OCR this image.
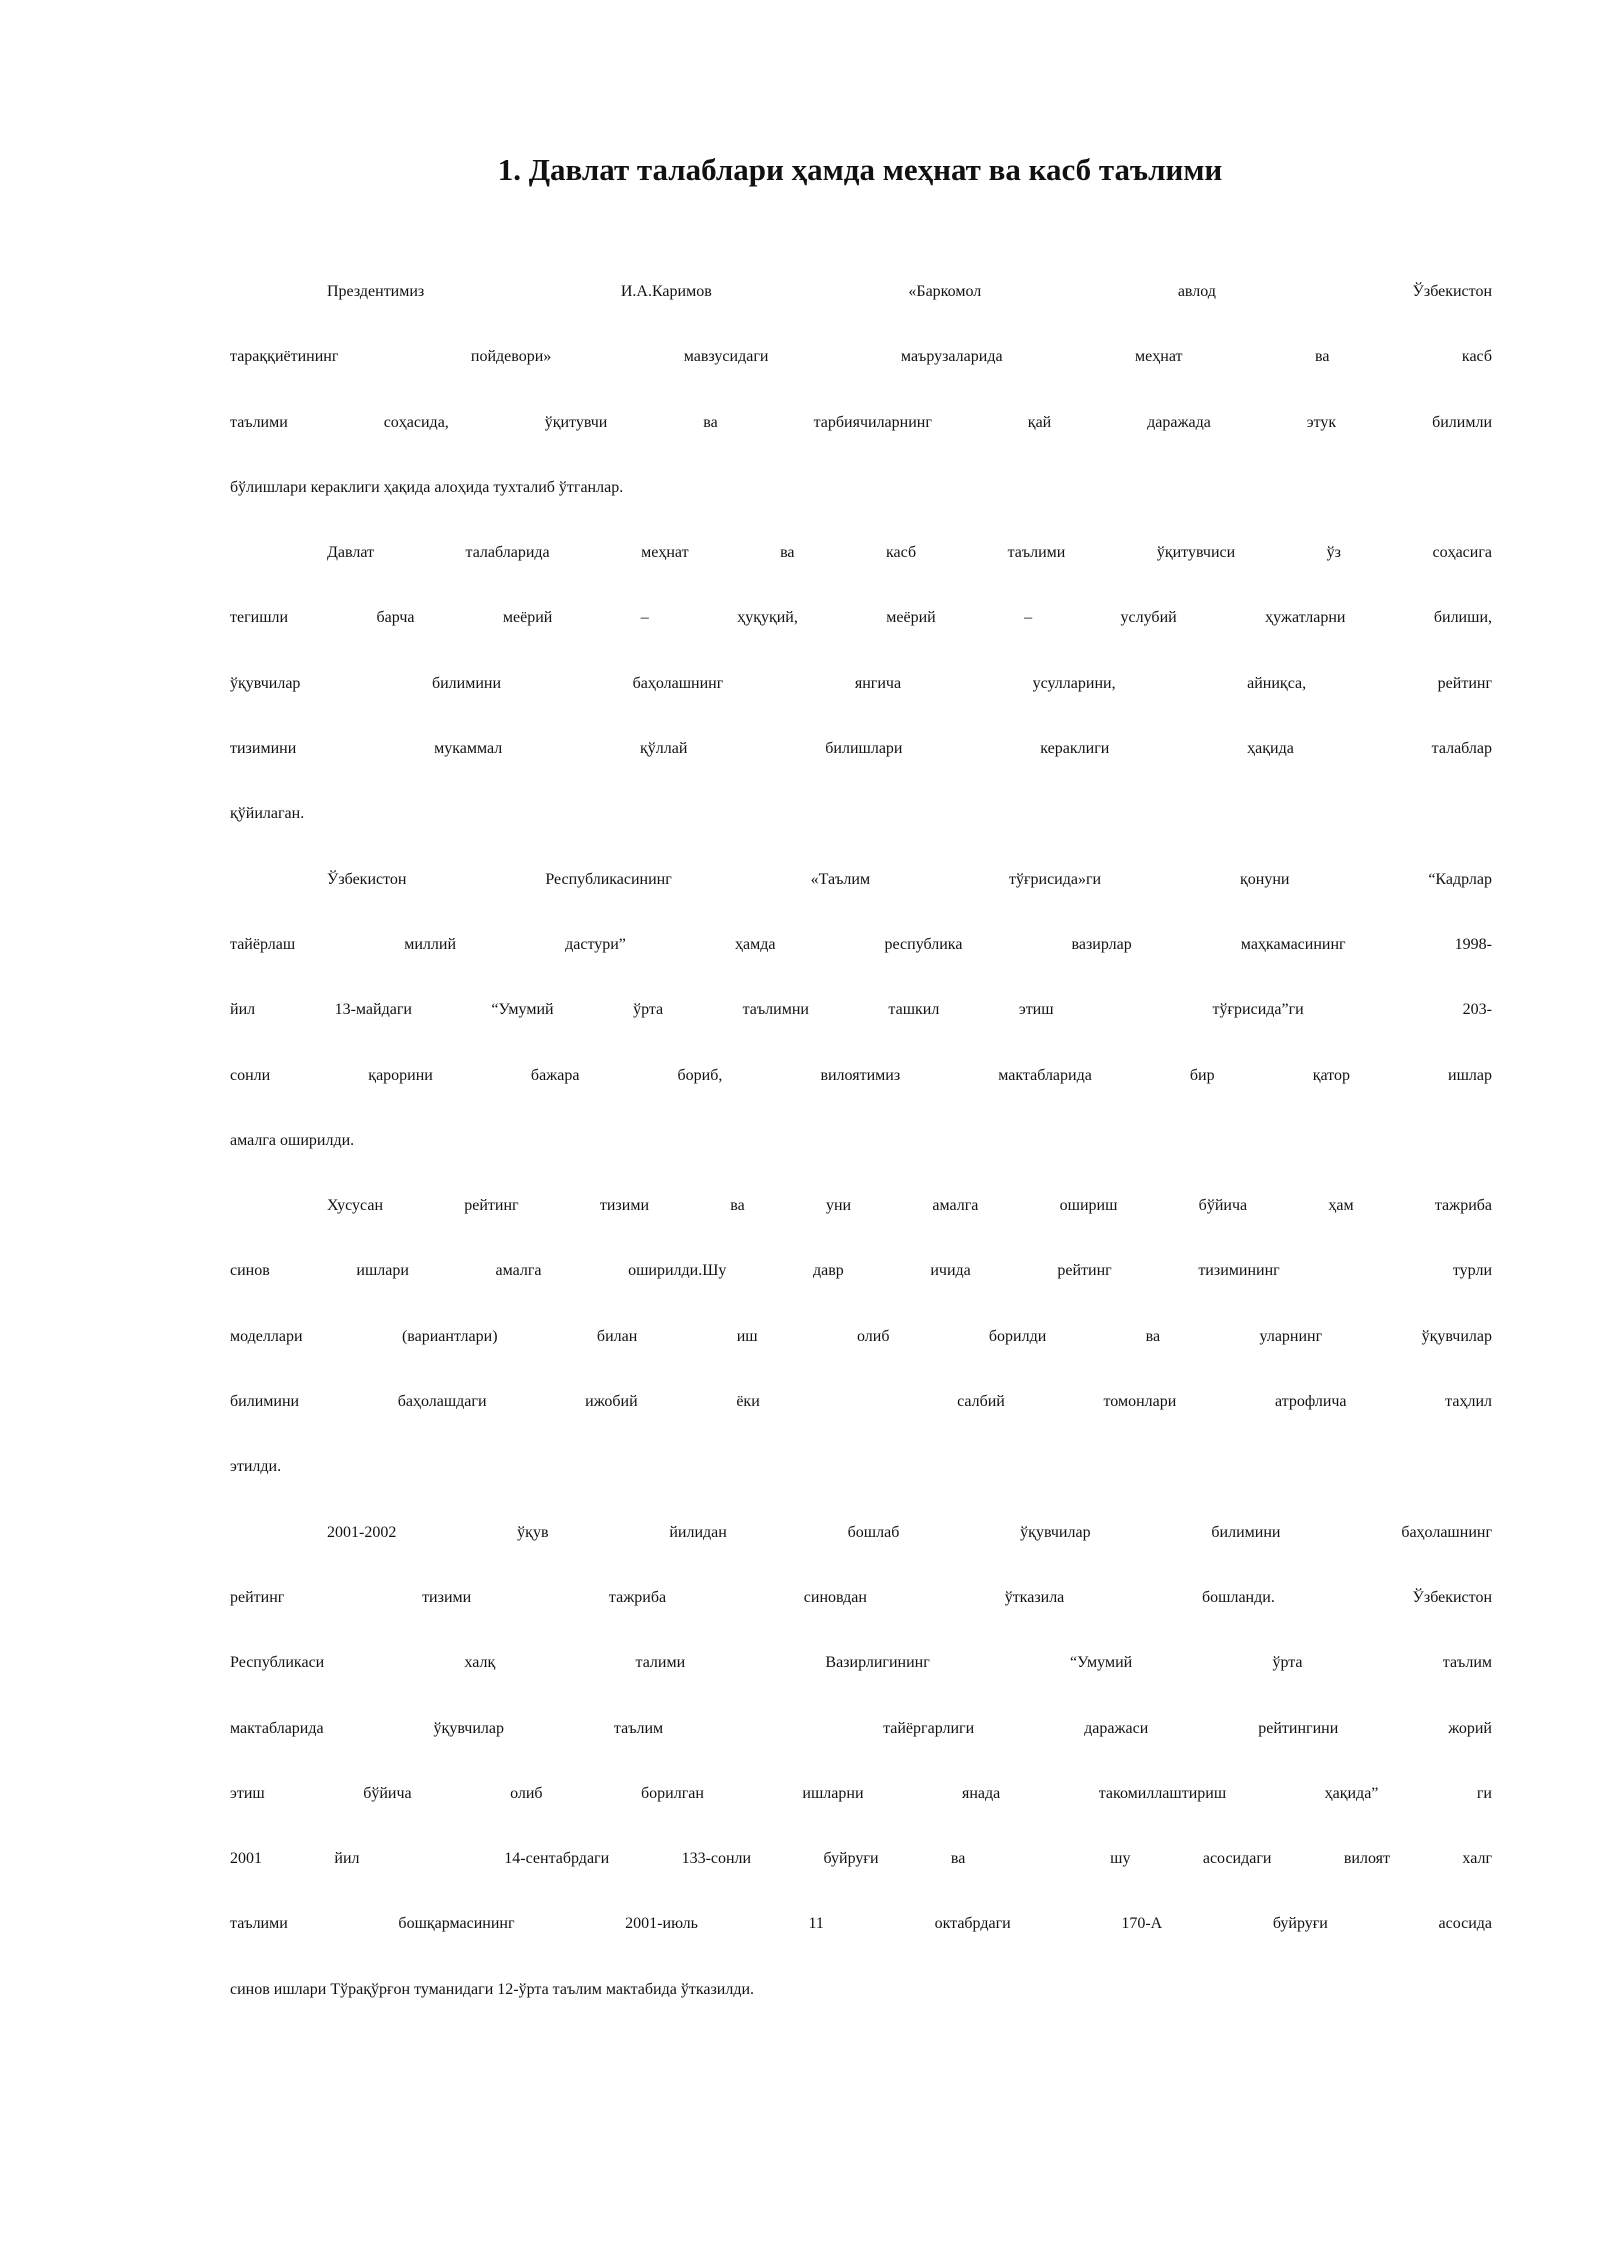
1. Давлат талаблари ҳамда меҳнат ва касб таълими
Прездентимиз   И.А.Каримов   «Баркомол   авлод   Ўзбекистон
тараққиётининг пойдевори» мавзусидаги маърузаларида меҳнат ва касб
таълими соҳасида, ўқитувчи ва тарбиячиларнинг қай даражада этук билимли
бўлишлари кераклиги ҳақида алоҳида тухталиб ўтганлар.
Давлат талабларида меҳнат ва касб таълими ўқитувчиси ўз соҳасига
тегишли барча меёрий – ҳуқуқий, меёрий – услубий ҳужатларни билиши,
ўқувчилар билимини баҳолашнинг янгича усулларини, айниқса, рейтинг
тизимини мукаммал қўллай билишлари кераклиги ҳақида талаблар
қўйилаган.
Ўзбекистон Республикасининг «Таълим тўғрисида»ги қонуни “Кадрлар
тайёрлаш миллий дастури” ҳамда республика вазирлар маҳкамасининг 1998-
йил 13-майдаги “Умумий ўрта таълимни ташкил этиш  тўғрисида”ги  203-
сонли қарорини бажара бориб, вилоятимиз мактабларида бир қатор ишлар
амалга оширилди.
Хусусан рейтинг тизими ва уни амалга ошириш бўйича ҳам тажриба
синов ишлари амалга оширилди.Шу давр ичида рейтинг тизимининг  турли
моделлари (вариантлари) билан иш олиб борилди ва уларнинг ўқувчилар
билимини баҳолашдаги ижобий ёки  салбий томонлари атрофлича таҳлил
этилди.
2001-2002 ўқув йилидан бошлаб ўқувчилар билимини баҳолашнинг
рейтинг тизими тажриба синовдан ўтказила бошланди. Ўзбекистон
Республикаси халқ талими Вазирлигининг “Умумий ўрта таълим
мактабларида ўқувчилар таълим  тайёргарлиги даражаси рейтингини жорий
этиш бўйича олиб борилган ишларни янада такомиллаштириш ҳақида” ги
2001 йил  14-сентабрдаги 133-сонли буйруғи ва  шу асосидаги вилоят халг
таълими бошқармасининг 2001-июль 11 октабрдаги 170-А буйруғи асосида
синов ишлари Тўрақўрғон туманидаги 12-ўрта таълим мактабида ўтказилди.
